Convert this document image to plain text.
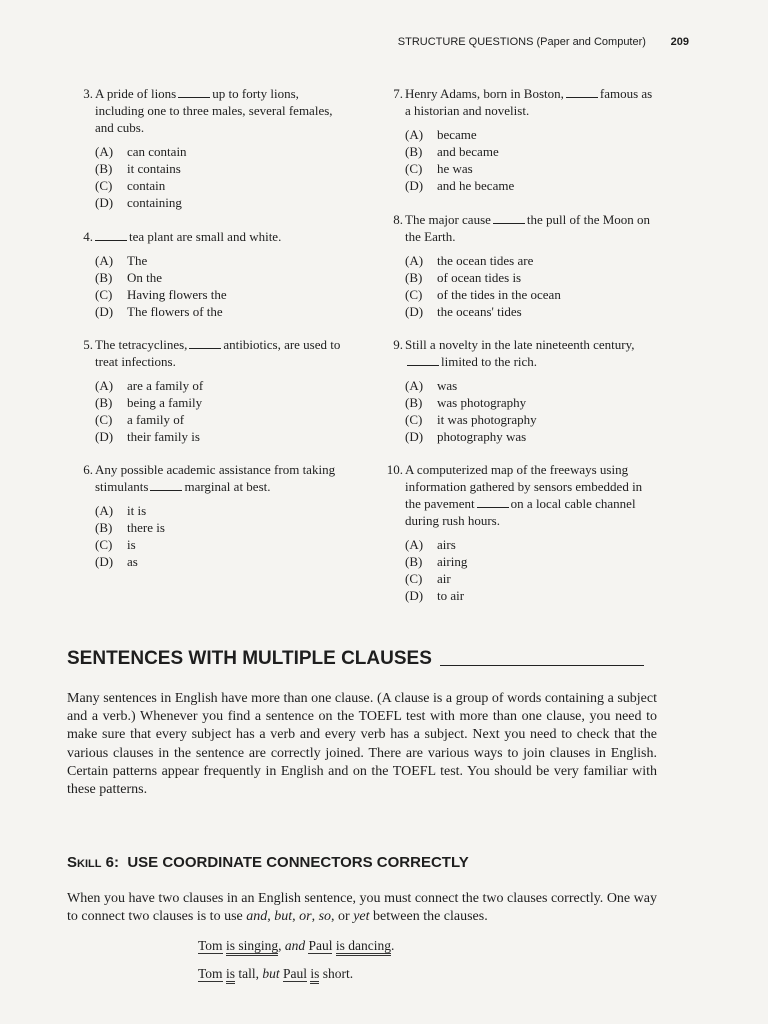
STRUCTURE QUESTIONS (Paper and Computer) 209
3. A pride of lions	up to forty lions, including one to three males, several females, and cubs.
(A) can contain
(B) it contains
(C) contain
(D) containing
4.	tea plant are small and white.
(A) The
(B) On the
(C) Having flowers the
(D) The flowers of the
5. The tetracyclines,	antibiotics, are used to treat infections.
(A) are a family of
(B) being a family
(C) a family of
(D) their family is
6. Any possible academic assistance from taking stimulants	marginal at best.
(A) it is
(B) there is
(C) is
(D) as
7. Henry Adams, born in Boston,	famous as a historian and novelist.
(A) became
(B) and became
(C) he was
(D) and he became
8. The major cause	the pull of the Moon on the Earth.
(A) the ocean tides are
(B) of ocean tides is
(C) of the tides in the ocean
(D) the oceans' tides
9. Still a novelty in the late nineteenth century,limited to the rich.
(A) was
(B) was photography
(C) it was photography
(D) photography was
10. A computerized map of the freeways using information gathered by sensors embedded in the pavement	on a local cable channel during rush hours.
(A) airs
(B) airing
(C) air
(D) to air
SENTENCES WITH MULTIPLE CLAUSES
Many sentences in English have more than one clause. (A clause is a group of words containing a subject and a verb.) Whenever you find a sentence on the TOEFL test with more than one clause, you need to make sure that every subject has a verb and every verb has a subject. Next you need to check that the various clauses in the sentence are correctly joined. There are various ways to join clauses in English. Certain patterns appear frequently in English and on the TOEFL test. You should be very familiar with these patterns.
SKILL 6: USE COORDINATE CONNECTORS CORRECTLY
When you have two clauses in an English sentence, you must connect the two clauses correctly. One way to connect two clauses is to use and, but, or, so, or yet between the clauses.
Tom is singing, and Paul is dancing.
Tom is tall, but Paul is short.
